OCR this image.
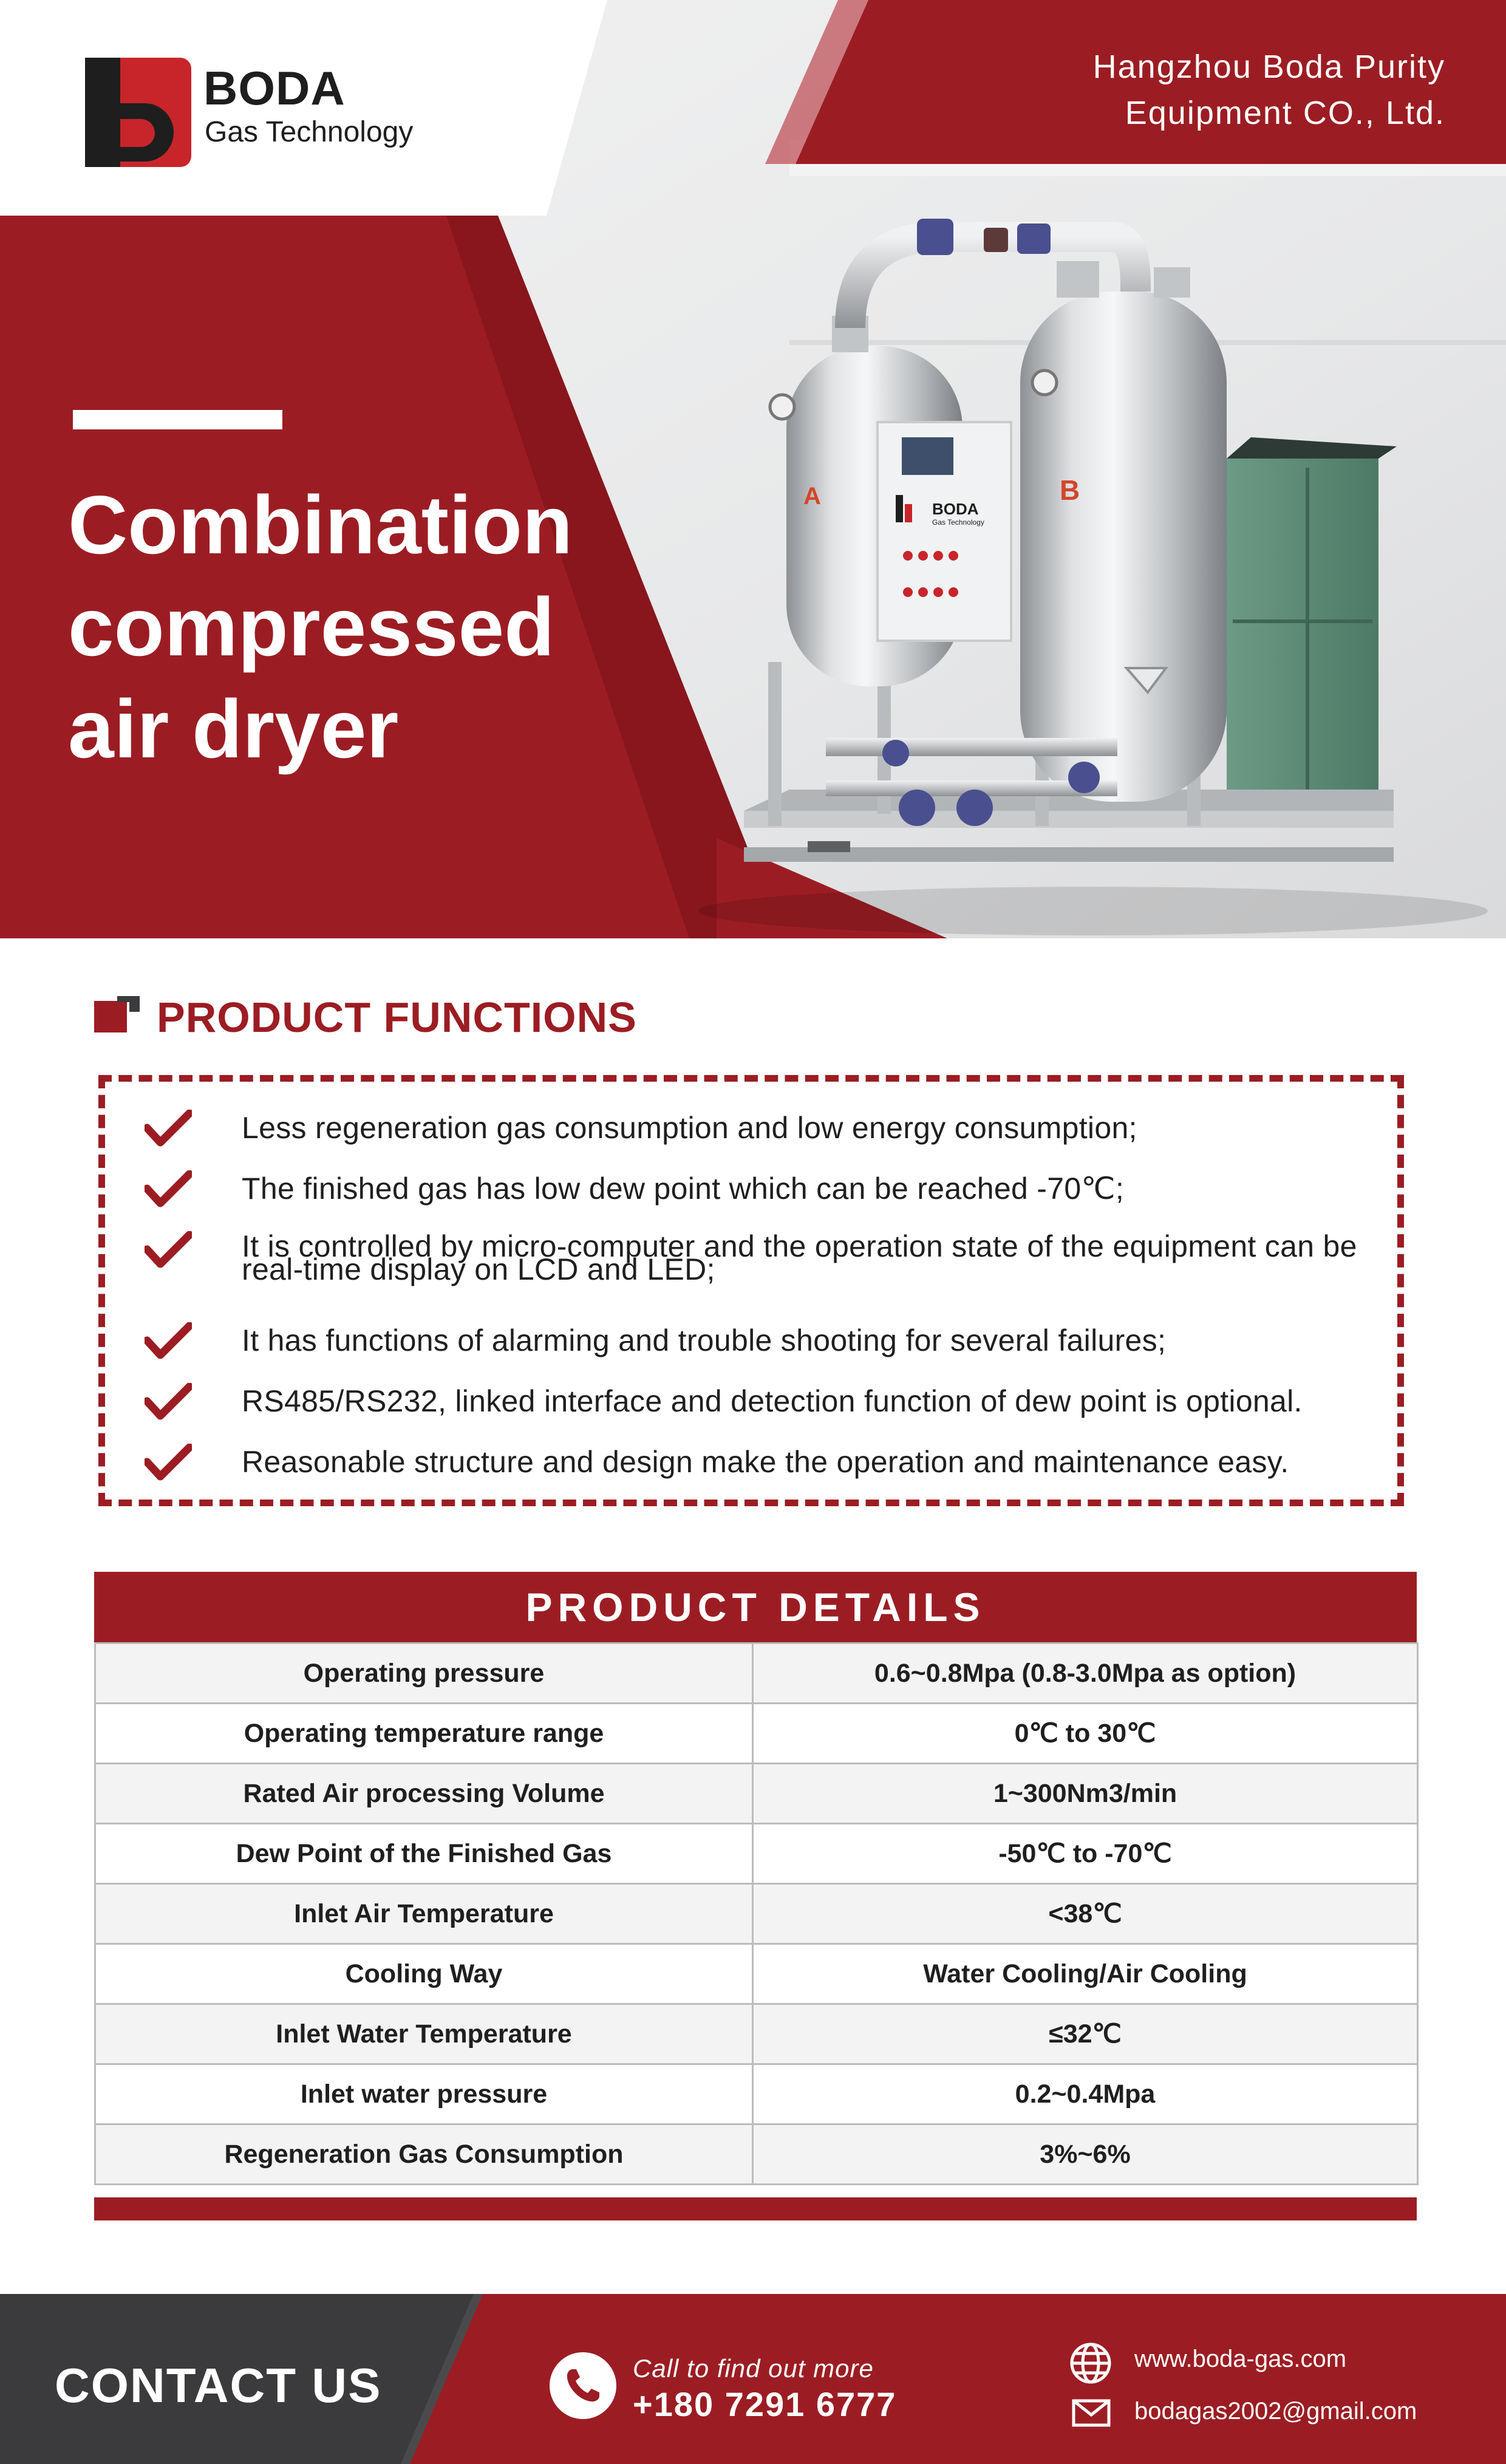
BODA
Gas Technology
Hangzhou Boda Purity
Equipment CO., Ltd.
A	B
BODA
Gas Technology
Combination
compressed
air dryer
PRODUCT FUNCTIONS
Less regeneration gas consumption and low energy consumption;
The finished gas has low dew point which can be reached -70℃;
It is controlled by micro-computer and the operation state of the equipment can be real-time display on LCD and LED;
It has functions of alarming and trouble shooting for several failures;
RS485/RS232, linked interface and detection function of dew point is optional.
Reasonable structure and design make the operation and maintenance easy.
PRODUCT DETAILS
Operating pressure	0.6~0.8Mpa (0.8-3.0Mpa as option)
Operating temperature range	0℃ to 30℃
Rated Air processing Volume	1~300Nm3/min
Dew Point of the Finished Gas	-50℃ to -70℃
Inlet Air Temperature	<38℃
Cooling Way	Water Cooling/Air Cooling
Inlet Water Temperature	≤32℃
Inlet water pressure	0.2~0.4Mpa
Regeneration Gas Consumption	3%~6%
CONTACT US	Call to find out more
+180 7291 6777
www.boda-gas.com
bodagas2002@gmail.com
